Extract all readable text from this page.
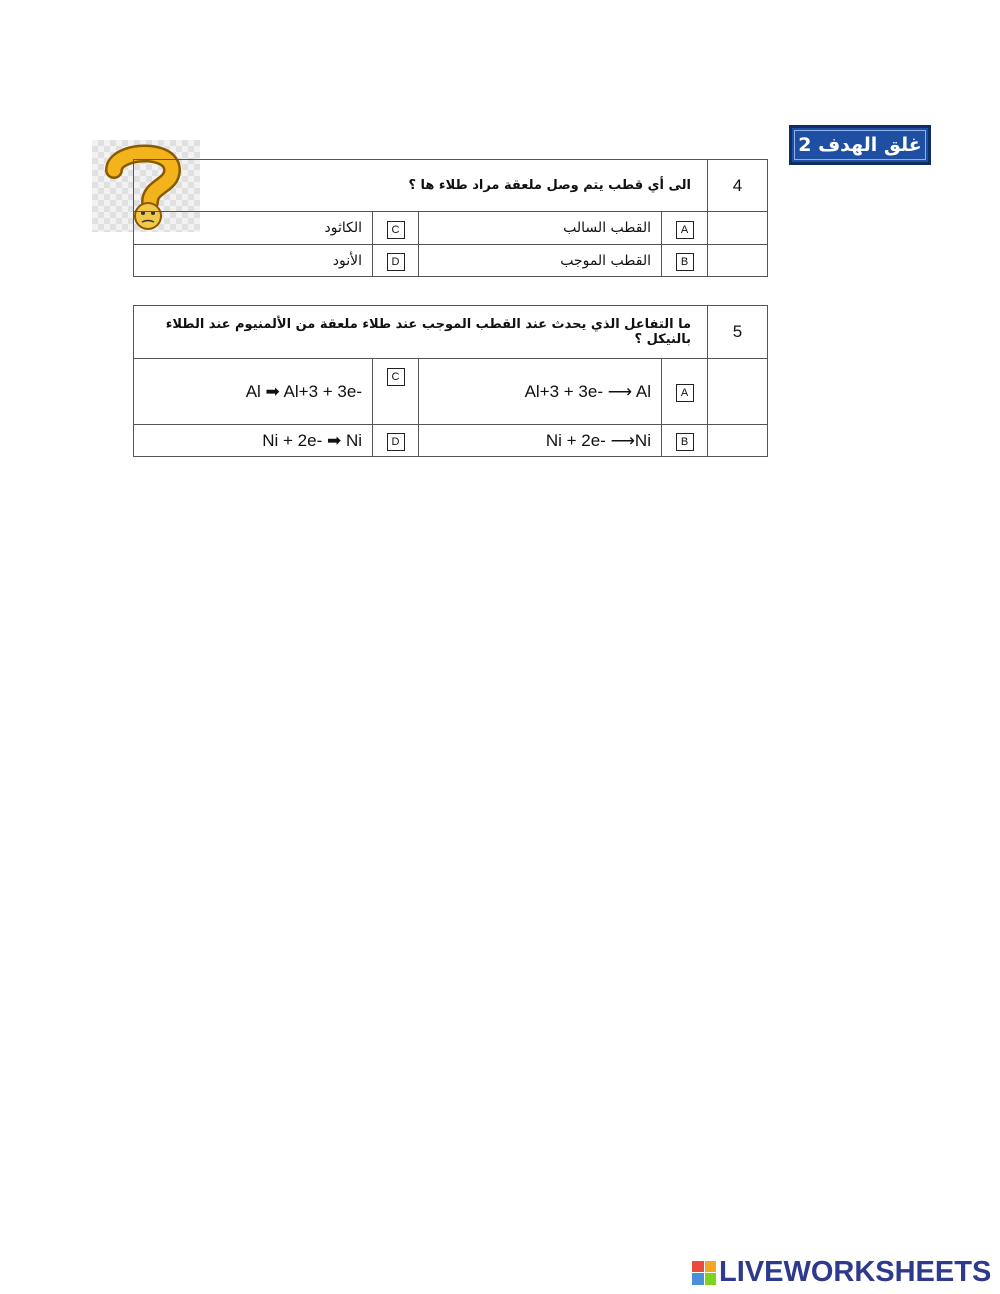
غلق الهدف 2
الى أي قطب يتم وصل ملعقة مراد طلاء ها ؟				4
الكاثود	C	القطب السالب	A	
الأنود	D	القطب الموجب	B	
ما التفاعل الذي يحدث عند القطب الموجب عند طلاء ملعقة من الألمنيوم عند الطلاء بالنيكل ؟				5
Al ➡ Al+3 + 3e-	C	Al+3 + 3e- ⟶ Al	A	
Ni + 2e- ➡ Ni	D	Ni + 2e- ⟶Ni	B	
LIVEWORKSHEETS
